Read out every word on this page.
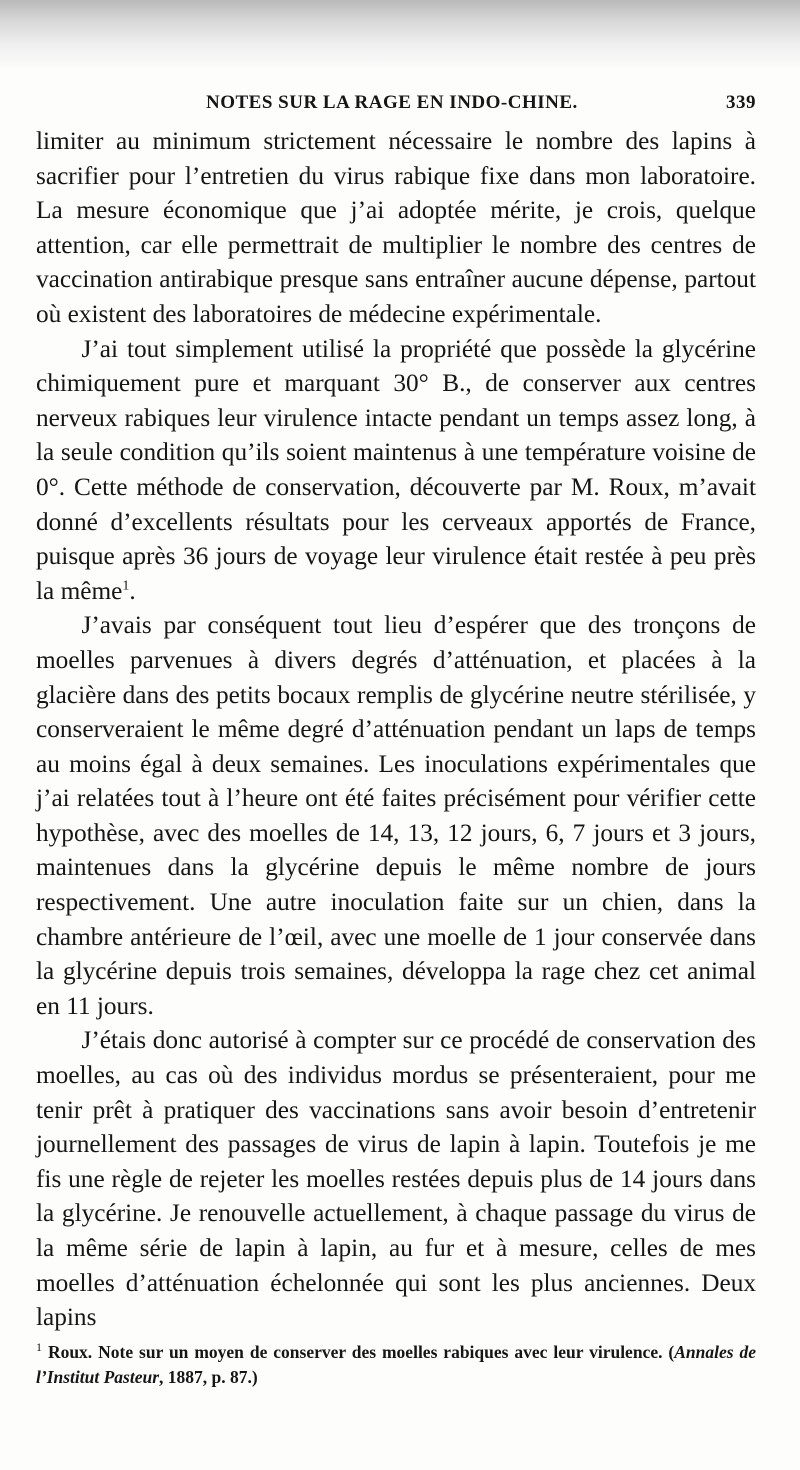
NOTES SUR LA RAGE EN INDO-CHINE.	339

limiter au minimum strictement nécessaire le nombre des lapins à sacrifier pour l’entretien du virus rabique fixe dans mon laboratoire. La mesure économique que j’ai adoptée mérite, je crois, quelque attention, car elle permettrait de multiplier le nombre des centres de vaccination antirabique presque sans entraîner aucune dépense, partout où existent des laboratoires de médecine expérimentale.

J’ai tout simplement utilisé la propriété que possède la glycérine chimiquement pure et marquant 30° B., de conserver aux centres nerveux rabiques leur virulence intacte pendant un temps assez long, à la seule condition qu’ils soient maintenus à une température voisine de 0°. Cette méthode de conservation, découverte par M. Roux, m’avait donné d’excellents résultats pour les cerveaux apportés de France, puisque après 36 jours de voyage leur virulence était restée à peu près la même$^1$.

J’avais par conséquent tout lieu d’espérer que des tronçons de moelles parvenues à divers degrés d’atténuation, et placées à la glacière dans des petits bocaux remplis de glycérine neutre stérilisée, y conserveraient le même degré d’atténuation pendant un laps de temps au moins égal à deux semaines. Les inoculations expérimentales que j’ai relatées tout à l’heure ont été faites précisément pour vérifier cette hypothèse, avec des moelles de 14, 13, 12 jours, 6, 7 jours et 3 jours, maintenues dans la glycérine depuis le même nombre de jours respectivement. Une autre inoculation faite sur un chien, dans la chambre antérieure de l’œil, avec une moelle de 1 jour conservée dans la glycérine depuis trois semaines, développa la rage chez cet animal en 11 jours.

J’étais donc autorisé à compter sur ce procédé de conservation des moelles, au cas où des individus mordus se présenteraient, pour me tenir prêt à pratiquer des vaccinations sans avoir besoin d’entretenir journellement des passages de virus de lapin à lapin. Toutefois je me fis une règle de rejeter les moelles restées depuis plus de 14 jours dans la glycérine. Je renouvelle actuellement, à chaque passage du virus de la même série de lapin à lapin, au fur et à mesure, celles de mes moelles d’atténuation échelonnée qui sont les plus anciennes. Deux lapins

$^1$ Roux. Note sur un moyen de conserver des moelles rabiques avec leur virulence. (Annales de l’Institut Pasteur, 1887, p. 87.)
